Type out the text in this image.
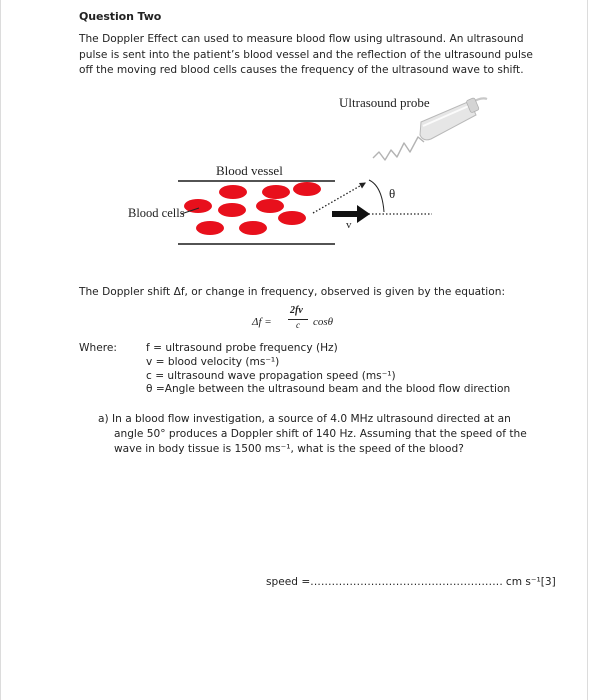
Question Two
The Doppler Effect can used to measure blood flow using ultrasound. An ultrasound
pulse is sent into the patient’s blood vessel and the reflection of the ultrasound pulse
off the moving red blood cells causes the frequency of the ultrasound wave to shift.
Ultrasound probe
Blood vessel
Blood cells
θ
v
The Doppler shift Δf, or change in frequency, observed is given by the equation:
Δf =
2fv
c cosθ
Where:	f = ultrasound probe frequency (Hz)
v = blood velocity (ms⁻¹)
c = ultrasound wave propagation speed (ms⁻¹)
θ =Angle between the ultrasound beam and the blood flow direction
a) In a blood flow investigation, a source of 4.0 MHz ultrasound directed at an
angle 50° produces a Doppler shift of 140 Hz. Assuming that the speed of the
wave in body tissue is 1500 ms⁻¹, what is the speed of the blood?
speed =...................................................... cm s⁻¹[3]
